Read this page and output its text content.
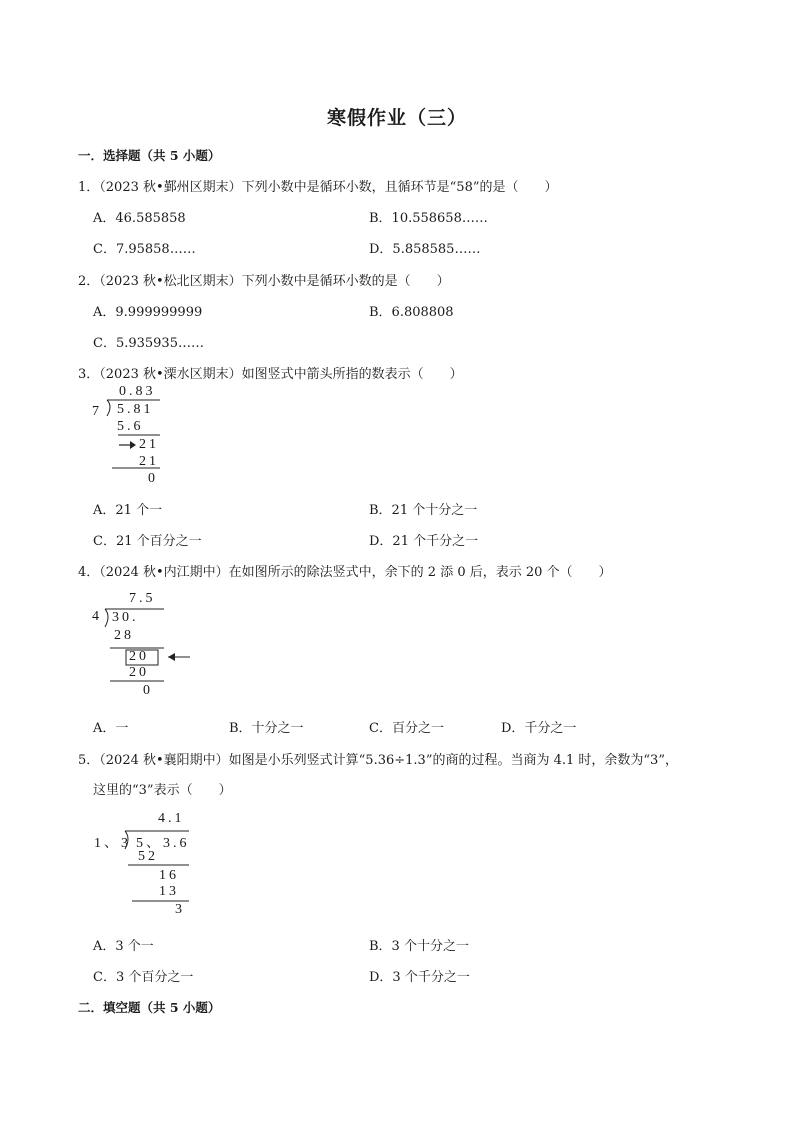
寒假作业（三）
一．选择题（共 5 小题）
1．（2023 秋•鄞州区期末）下列小数中是循环小数，且循环节是“58”的是（　　）
A．46.585858	B．10.558658……
C．7.95858……	D．5.858585……
2．（2023 秋•松北区期末）下列小数中是循环小数的是（　　）
A．9.999999999	B．6.808808
C．5.935935……
3．（2023 秋•溧水区期末）如图竖式中箭头所指的数表示（　　）
0.83
7 5.81
5.6
21
21
0
A．21 个一	B．21 个十分之一
C．21 个百分之一	D．21 个千分之一
4．（2024 秋•内江期中）在如图所示的除法竖式中，余下的 2 添 0 后，表示 20 个（　　）
7.5
4 30.
28
20
20
0
A．一	B．十分之一	C．百分之一	D．千分之一
5．（2024 秋•襄阳期中）如图是小乐列竖式计算“5.36÷1.3”的商的过程。当商为 4.1 时，余数为“3”，
这里的“3”表示（　　）
4.1
1、3 5、3.6
52
16
13
3
A．3 个一	B．3 个十分之一
C．3 个百分之一	D．3 个千分之一
二．填空题（共 5 小题）
